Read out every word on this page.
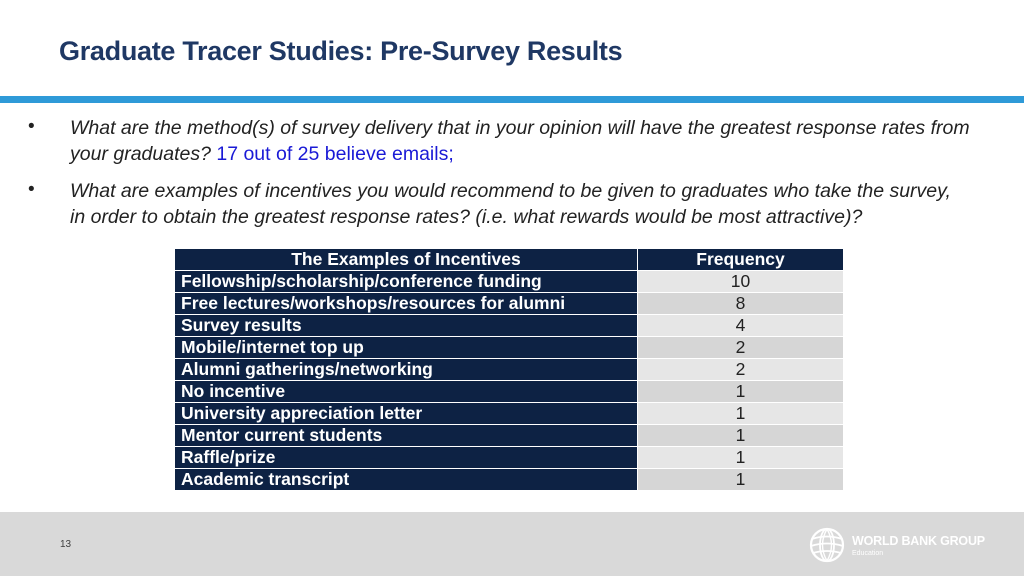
Graduate Tracer Studies: Pre-Survey Results
• What are the method(s) of survey delivery that in your opinion will have the greatest response rates from your graduates? 17 out of 25 believe emails;
• What are examples of incentives you would recommend to be given to graduates who take the survey, in order to obtain the greatest response rates? (i.e. what rewards would be most attractive)?
The Examples of Incentives	Frequency
Fellowship/scholarship/conference funding	10
Free lectures/workshops/resources for alumni	8
Survey results	4
Mobile/internet top up	2
Alumni gatherings/networking	2
No incentive	1
University appreciation letter	1
Mentor current students	1
Raffle/prize	1
Academic transcript	1
13	WORLD BANK GROUP
Education
